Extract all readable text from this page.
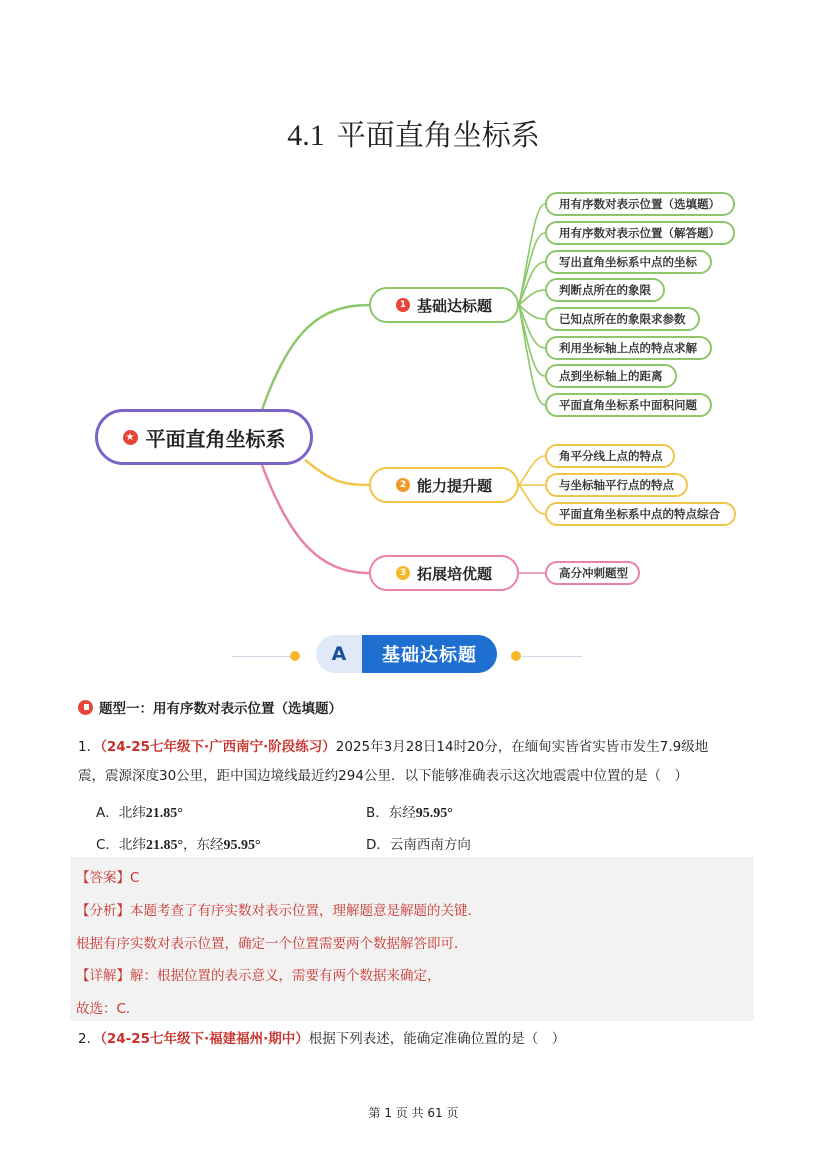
4.1 平面直角坐标系
★ 平面直角坐标系
1 基础达标题
2 能力提升题
3 拓展培优题
用有序数对表示位置（选填题）
用有序数对表示位置（解答题）
写出直角坐标系中点的坐标
判断点所在的象限
已知点所在的象限求参数
利用坐标轴上点的特点求解
点到坐标轴上的距离
平面直角坐标系中面积问题
角平分线上点的特点
与坐标轴平行点的特点
平面直角坐标系中点的特点综合
高分冲刺题型
A	基础达标题
题型一：用有序数对表示位置（选填题）
1．（24-25七年级下·广西南宁·阶段练习）2025年3月28日14时20分，在缅甸实皆省实皆市发生7.9级地
震，震源深度30公里，距中国边境线最近约294公里．以下能够准确表示这次地震震中位置的是（　）
A．北纬21.85°	B．东经95.95°
C．北纬21.85°，东经95.95°	D．云南西南方向
【答案】C
【分析】本题考查了有序实数对表示位置，理解题意是解题的关键．
根据有序实数对表示位置，确定一个位置需要两个数据解答即可．
【详解】解：根据位置的表示意义，需要有两个数据来确定，
故选：C．
2．（24-25七年级下·福建福州·期中）根据下列表述，能确定准确位置的是（　）
第 1 页 共 61 页
